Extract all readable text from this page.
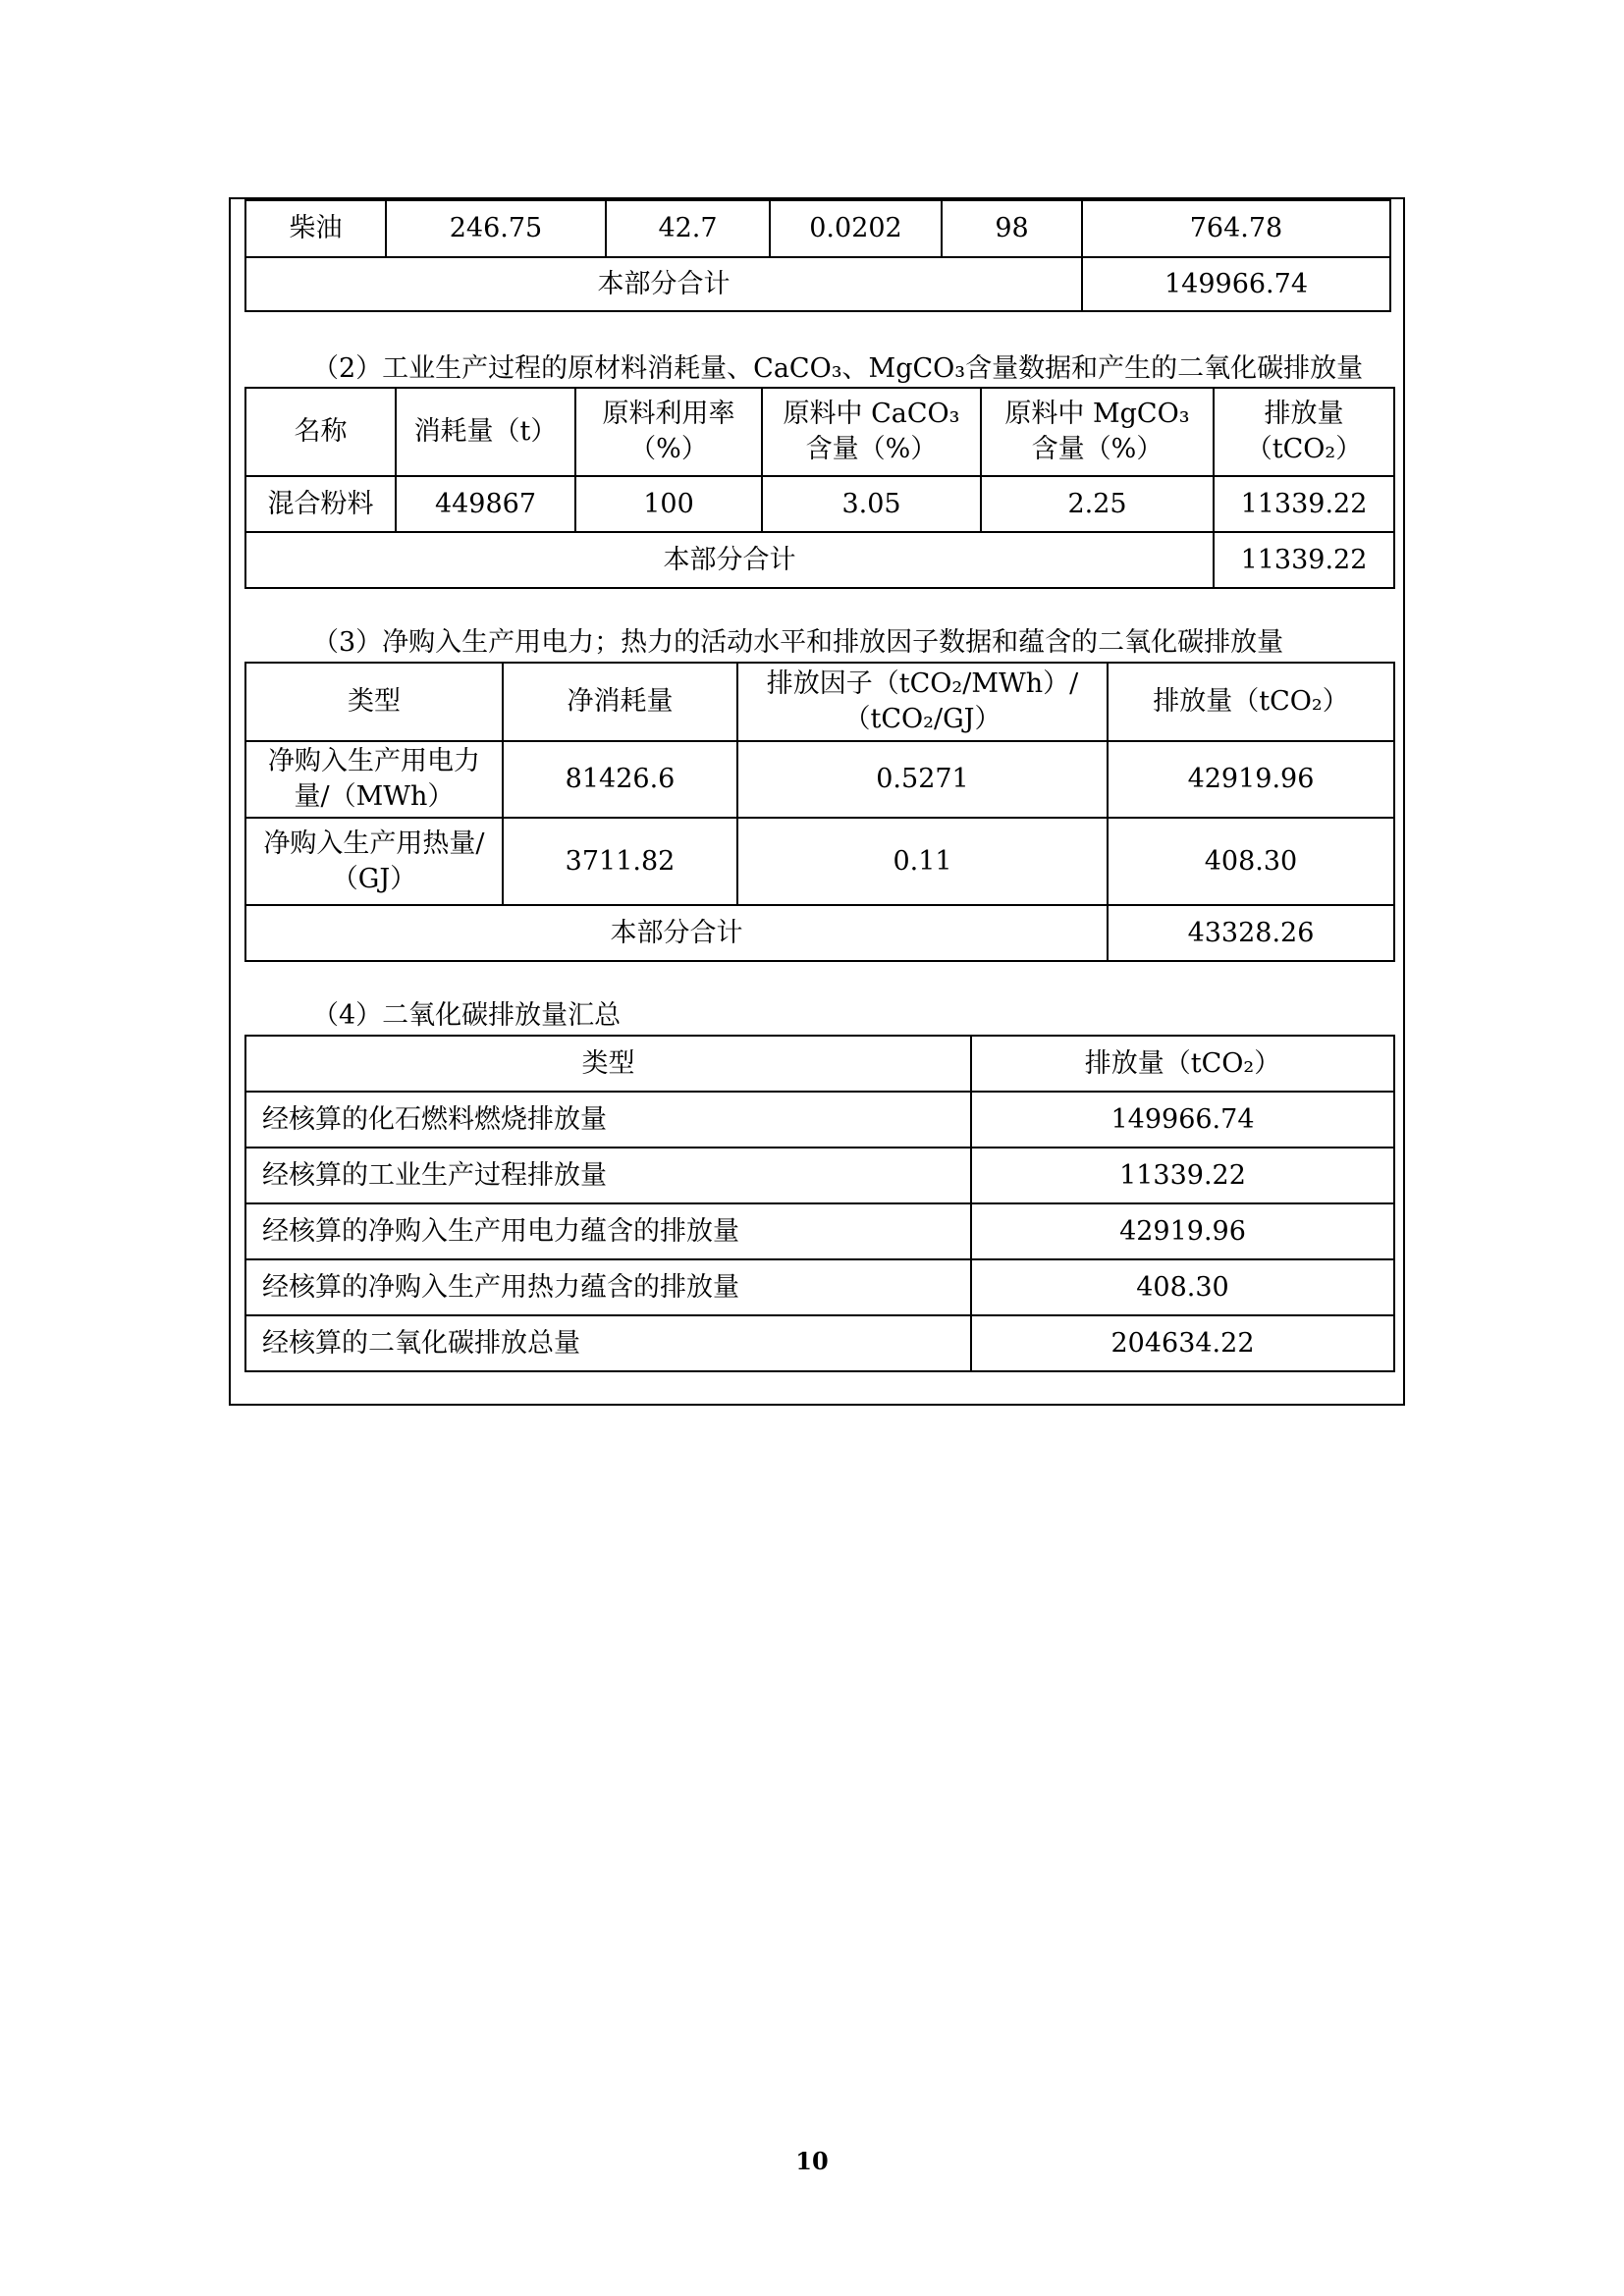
柴油	246.75	42.7	0.0202	98	764.78
本部分合计					149966.74
（2）工业生产过程的原材料消耗量、CaCO₃、MgCO₃含量数据和产生的二氧化碳排放量
名称	消耗量（t）	原料利用率（%）	原料中 CaCO₃ 含量（%）	原料中 MgCO₃ 含量（%）	排放量（tCO₂）
混合粉料	449867	100	3.05	2.25	11339.22
本部分合计					11339.22
（3）净购入生产用电力；热力的活动水平和排放因子数据和蕴含的二氧化碳排放量
类型	净消耗量	排放因子（tCO₂/MWh）/（tCO₂/GJ）	排放量（tCO₂）
净购入生产用电力量/（MWh）	81426.6	0.5271	42919.96
净购入生产用热量/（GJ）	3711.82	0.11	408.30
本部分合计			43328.26
（4）二氧化碳排放量汇总
类型	排放量（tCO₂）
经核算的化石燃料燃烧排放量	149966.74
经核算的工业生产过程排放量	11339.22
经核算的净购入生产用电力蕴含的排放量	42919.96
经核算的净购入生产用热力蕴含的排放量	408.30
经核算的二氧化碳排放总量	204634.22
10
